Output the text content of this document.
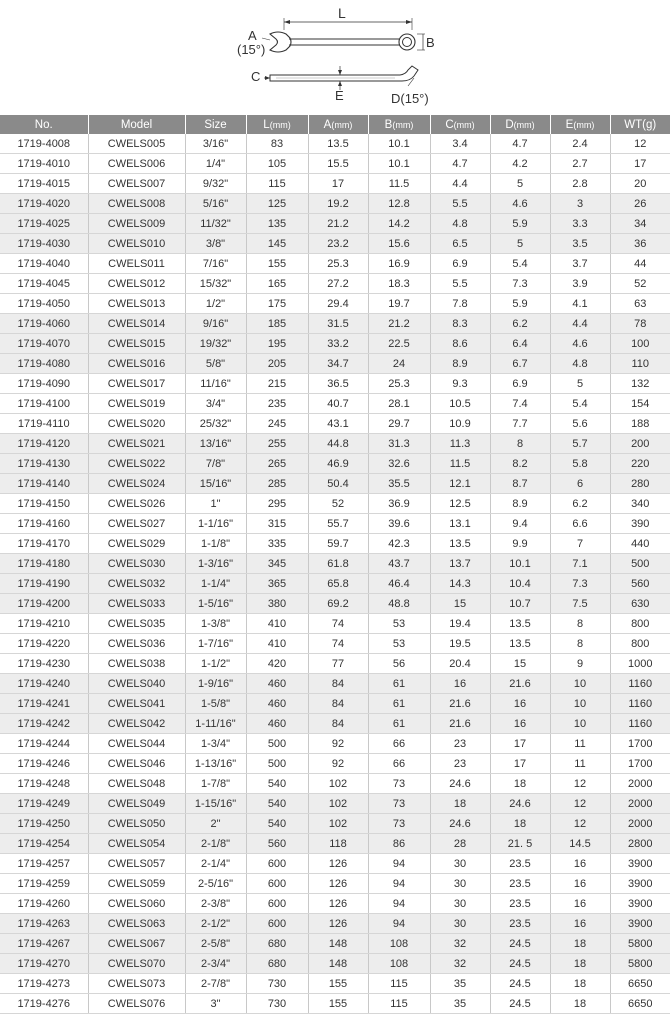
L
A
(15°)	B
C
E	D(15°)
No.	Model	Size	L(mm)	A(mm)	B(mm)	C(mm)	D(mm)	E(mm)	WT(g)
1719-4008	CWELS005	3/16"	83	13.5	10.1	3.4	4.7	2.4	12
1719-4010	CWELS006	1/4"	105	15.5	10.1	4.7	4.2	2.7	17
1719-4015	CWELS007	9/32"	115	17	11.5	4.4	5	2.8	20
1719-4020	CWELS008	5/16"	125	19.2	12.8	5.5	4.6	3	26
1719-4025	CWELS009	11/32"	135	21.2	14.2	4.8	5.9	3.3	34
1719-4030	CWELS010	3/8"	145	23.2	15.6	6.5	5	3.5	36
1719-4040	CWELS011	7/16"	155	25.3	16.9	6.9	5.4	3.7	44
1719-4045	CWELS012	15/32"	165	27.2	18.3	5.5	7.3	3.9	52
1719-4050	CWELS013	1/2"	175	29.4	19.7	7.8	5.9	4.1	63
1719-4060	CWELS014	9/16"	185	31.5	21.2	8.3	6.2	4.4	78
1719-4070	CWELS015	19/32"	195	33.2	22.5	8.6	6.4	4.6	100
1719-4080	CWELS016	5/8"	205	34.7	24	8.9	6.7	4.8	110
1719-4090	CWELS017	11/16"	215	36.5	25.3	9.3	6.9	5	132
1719-4100	CWELS019	3/4"	235	40.7	28.1	10.5	7.4	5.4	154
1719-4110	CWELS020	25/32"	245	43.1	29.7	10.9	7.7	5.6	188
1719-4120	CWELS021	13/16"	255	44.8	31.3	11.3	8	5.7	200
1719-4130	CWELS022	7/8"	265	46.9	32.6	11.5	8.2	5.8	220
1719-4140	CWELS024	15/16"	285	50.4	35.5	12.1	8.7	6	280
1719-4150	CWELS026	1"	295	52	36.9	12.5	8.9	6.2	340
1719-4160	CWELS027	1-1/16"	315	55.7	39.6	13.1	9.4	6.6	390
1719-4170	CWELS029	1-1/8"	335	59.7	42.3	13.5	9.9	7	440
1719-4180	CWELS030	1-3/16"	345	61.8	43.7	13.7	10.1	7.1	500
1719-4190	CWELS032	1-1/4"	365	65.8	46.4	14.3	10.4	7.3	560
1719-4200	CWELS033	1-5/16"	380	69.2	48.8	15	10.7	7.5	630
1719-4210	CWELS035	1-3/8"	410	74	53	19.4	13.5	8	800
1719-4220	CWELS036	1-7/16"	410	74	53	19.5	13.5	8	800
1719-4230	CWELS038	1-1/2"	420	77	56	20.4	15	9	1000
1719-4240	CWELS040	1-9/16"	460	84	61	16	21.6	10	1160
1719-4241	CWELS041	1-5/8"	460	84	61	21.6	16	10	1160
1719-4242	CWELS042	1-11/16"	460	84	61	21.6	16	10	1160
1719-4244	CWELS044	1-3/4"	500	92	66	23	17	11	1700
1719-4246	CWELS046	1-13/16"	500	92	66	23	17	11	1700
1719-4248	CWELS048	1-7/8"	540	102	73	24.6	18	12	2000
1719-4249	CWELS049	1-15/16"	540	102	73	18	24.6	12	2000
1719-4250	CWELS050	2"	540	102	73	24.6	18	12	2000
1719-4254	CWELS054	2-1/8"	560	118	86	28	21. 5	14.5	2800
1719-4257	CWELS057	2-1/4"	600	126	94	30	23.5	16	3900
1719-4259	CWELS059	2-5/16"	600	126	94	30	23.5	16	3900
1719-4260	CWELS060	2-3/8"	600	126	94	30	23.5	16	3900
1719-4263	CWELS063	2-1/2"	600	126	94	30	23.5	16	3900
1719-4267	CWELS067	2-5/8"	680	148	108	32	24.5	18	5800
1719-4270	CWELS070	2-3/4"	680	148	108	32	24.5	18	5800
1719-4273	CWELS073	2-7/8"	730	155	115	35	24.5	18	6650
1719-4276	CWELS076	3"	730	155	115	35	24.5	18	6650
